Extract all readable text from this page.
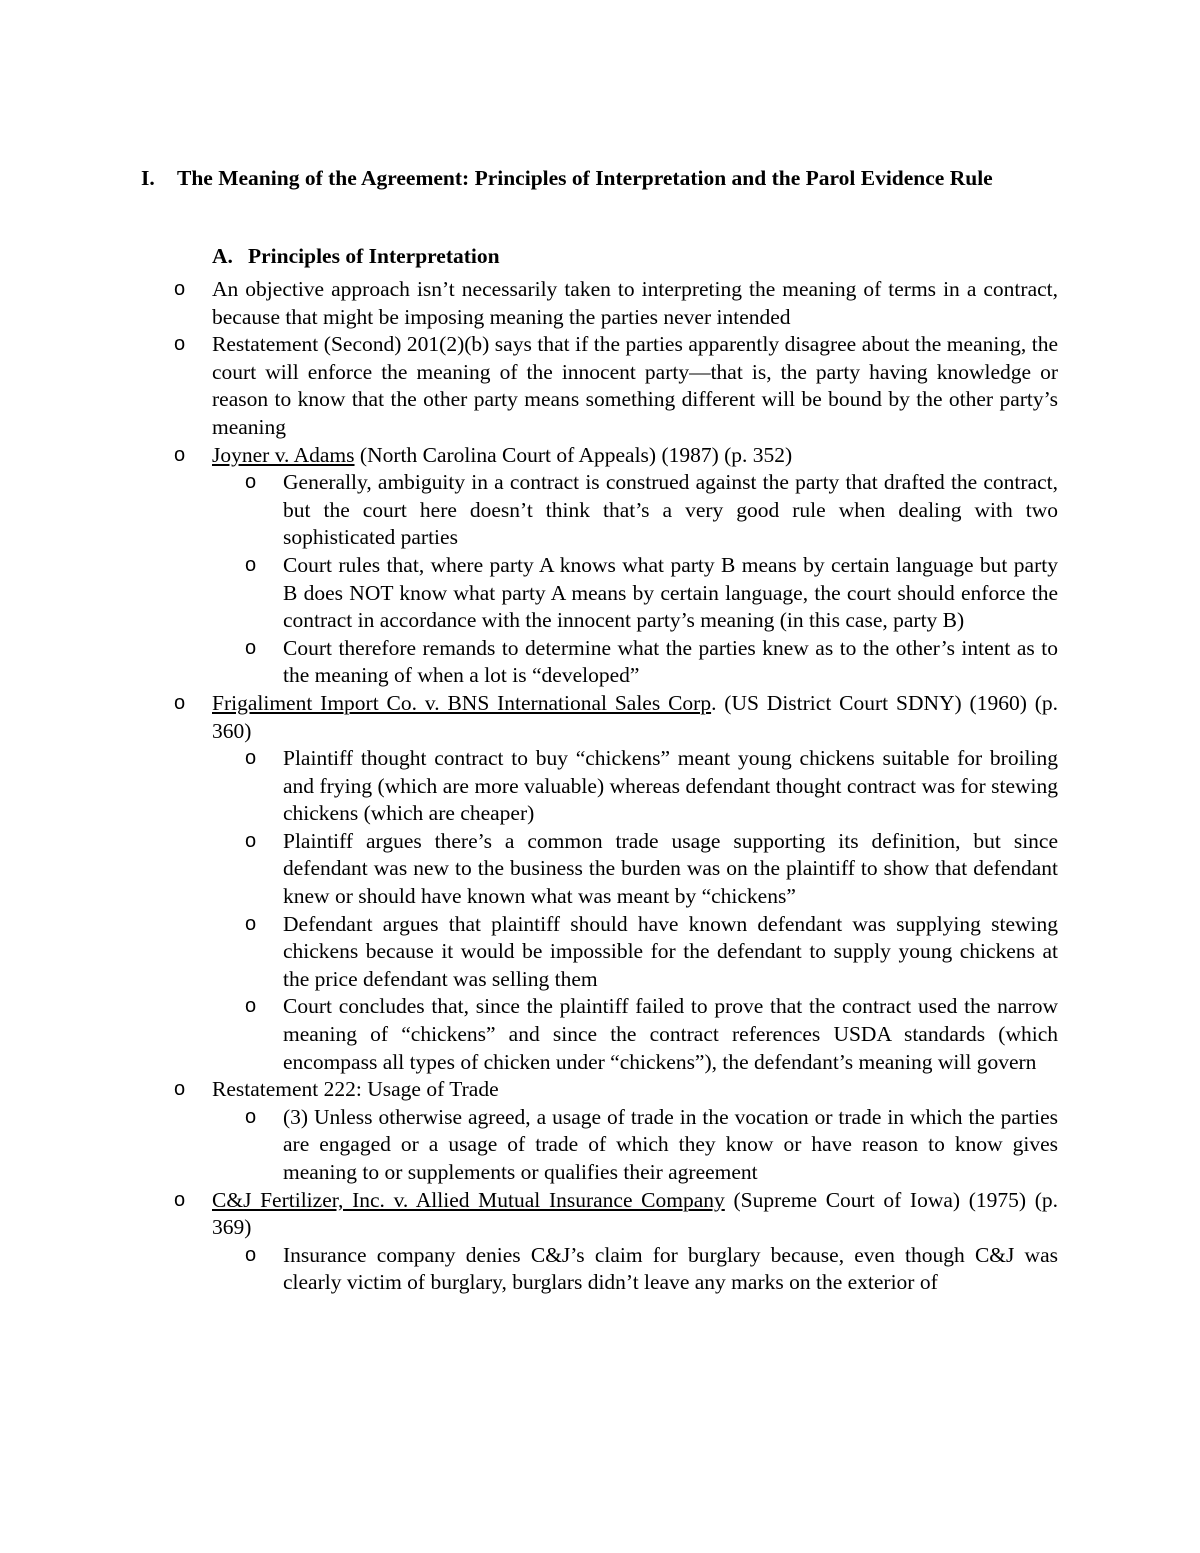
I. The Meaning of the Agreement: Principles of Interpretation and the Parol Evidence Rule
A. Principles of Interpretation
o An objective approach isn’t necessarily taken to interpreting the meaning of terms in a contract, because that might be imposing meaning the parties never intended
o Restatement (Second) 201(2)(b) says that if the parties apparently disagree about the meaning, the court will enforce the meaning of the innocent party—that is, the party having knowledge or reason to know that the other party means something different will be bound by the other party’s meaning
o Joyner v. Adams (North Carolina Court of Appeals) (1987) (p. 352)
o Generally, ambiguity in a contract is construed against the party that drafted the contract, but the court here doesn’t think that’s a very good rule when dealing with two sophisticated parties
o Court rules that, where party A knows what party B means by certain language but party B does NOT know what party A means by certain language, the court should enforce the contract in accordance with the innocent party’s meaning (in this case, party B)
o Court therefore remands to determine what the parties knew as to the other’s intent as to the meaning of when a lot is “developed”
o Frigaliment Import Co. v. BNS International Sales Corp. (US District Court SDNY) (1960) (p. 360)
o Plaintiff thought contract to buy “chickens” meant young chickens suitable for broiling and frying (which are more valuable) whereas defendant thought contract was for stewing chickens (which are cheaper)
o Plaintiff argues there’s a common trade usage supporting its definition, but since defendant was new to the business the burden was on the plaintiff to show that defendant knew or should have known what was meant by “chickens”
o Defendant argues that plaintiff should have known defendant was supplying stewing chickens because it would be impossible for the defendant to supply young chickens at the price defendant was selling them
o Court concludes that, since the plaintiff failed to prove that the contract used the narrow meaning of “chickens” and since the contract references USDA standards (which encompass all types of chicken under “chickens”), the defendant’s meaning will govern
o Restatement 222: Usage of Trade
o (3) Unless otherwise agreed, a usage of trade in the vocation or trade in which the parties are engaged or a usage of trade of which they know or have reason to know gives meaning to or supplements or qualifies their agreement
o C&J Fertilizer, Inc. v. Allied Mutual Insurance Company (Supreme Court of Iowa) (1975) (p. 369)
o Insurance company denies C&J’s claim for burglary because, even though C&J was clearly victim of burglary, burglars didn’t leave any marks on the exterior of
